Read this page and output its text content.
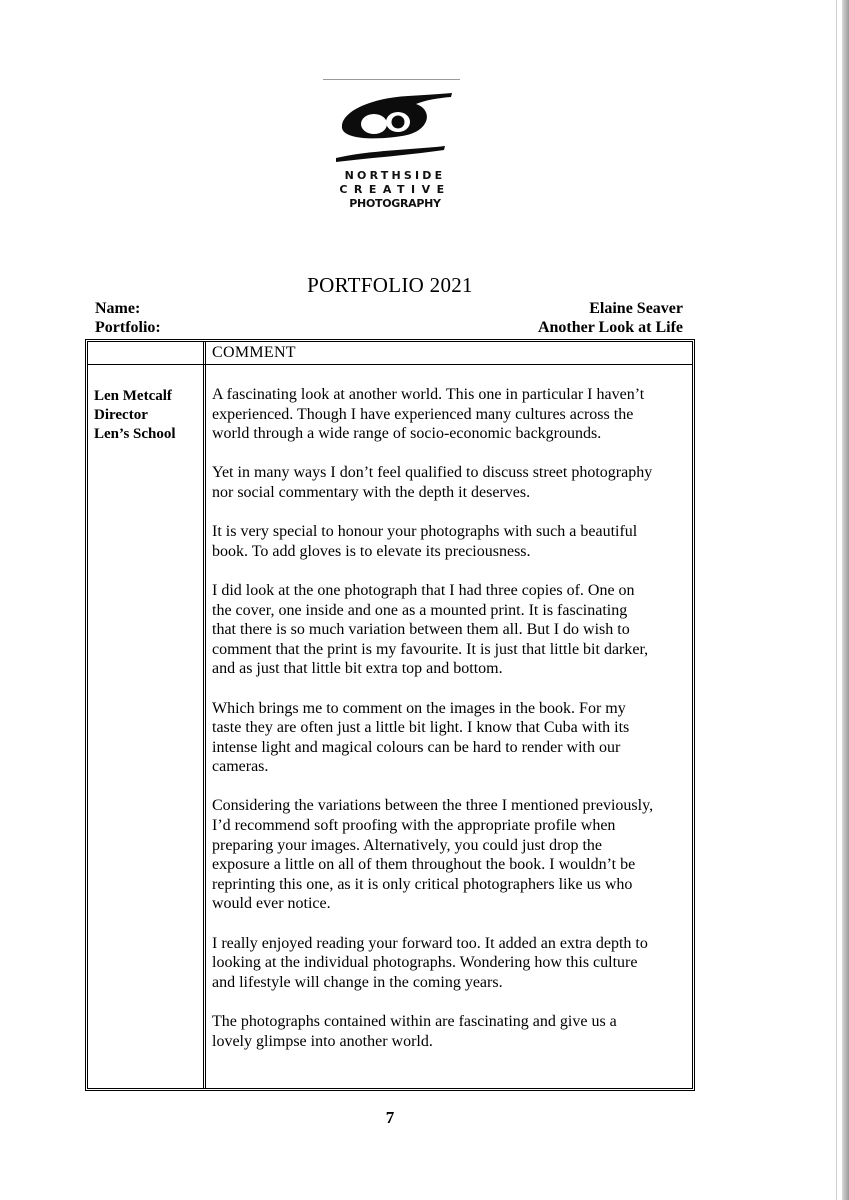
NORTHSIDE
CREATIVE
PHOTOGRAPHY
PORTFOLIO 2021
Name:
Portfolio:
Elaine Seaver
Another Look at Life
COMMENT
Len Metcalf
Director
Len’s School

A fascinating look at another world. This one in particular I haven’t
experienced. Though I have experienced many cultures across the
world through a wide range of socio-economic backgrounds.

Yet in many ways I don’t feel qualified to discuss street photography
nor social commentary with the depth it deserves.

It is very special to honour your photographs with such a beautiful
book. To add gloves is to elevate its preciousness.

I did look at the one photograph that I had three copies of. One on
the cover, one inside and one as a mounted print. It is fascinating
that there is so much variation between them all. But I do wish to
comment that the print is my favourite. It is just that little bit darker,
and as just that little bit extra top and bottom.

Which brings me to comment on the images in the book. For my
taste they are often just a little bit light. I know that Cuba with its
intense light and magical colours can be hard to render with our
cameras.

Considering the variations between the three I mentioned previously,
I’d recommend soft proofing with the appropriate profile when
preparing your images. Alternatively, you could just drop the
exposure a little on all of them throughout the book. I wouldn’t be
reprinting this one, as it is only critical photographers like us who
would ever notice.

I really enjoyed reading your forward too. It added an extra depth to
looking at the individual photographs. Wondering how this culture
and lifestyle will change in the coming years.

The photographs contained within are fascinating and give us a
lovely glimpse into another world.

7
